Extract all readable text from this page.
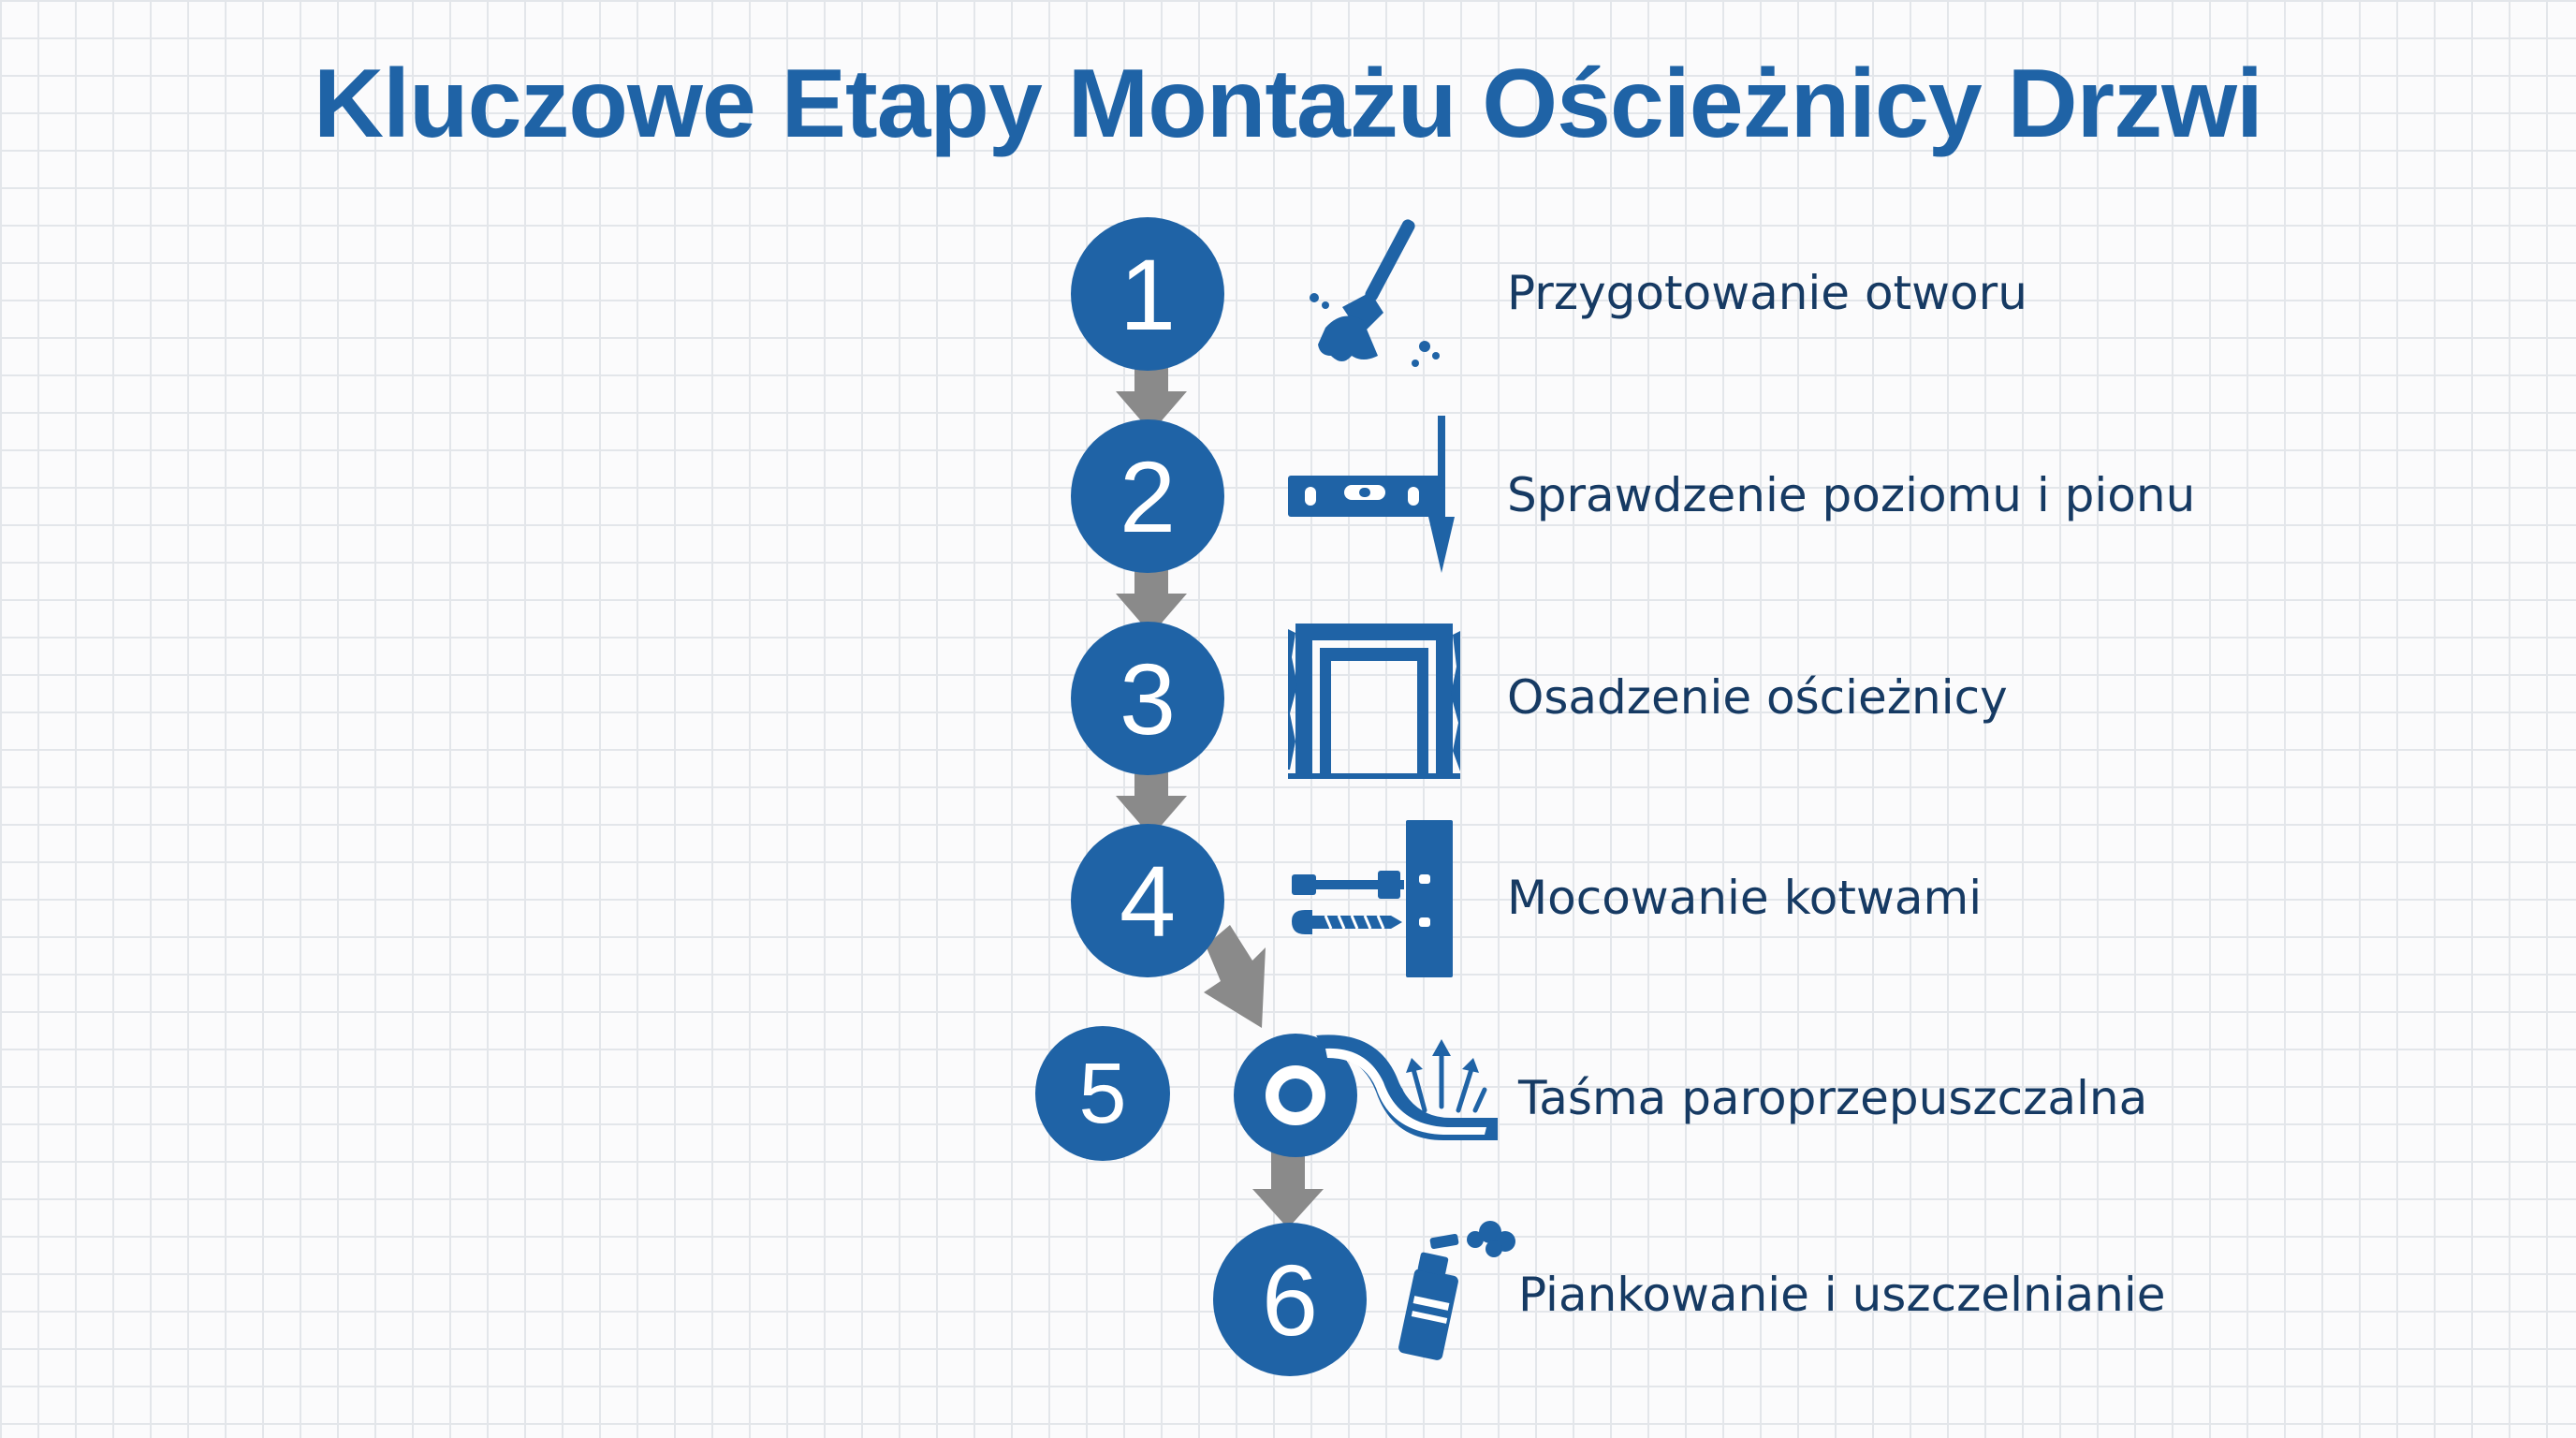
Kluczowe Etapy Montażu Ościeżnicy Drzwi
1	Przygotowanie otworu
2	Sprawdzenie poziomu i pionu
3	Osadzenie ościeżnicy
4	Mocowanie kotwami
5	Taśma paroprzepuszczalna
6	Piankowanie i uszczelnianie
